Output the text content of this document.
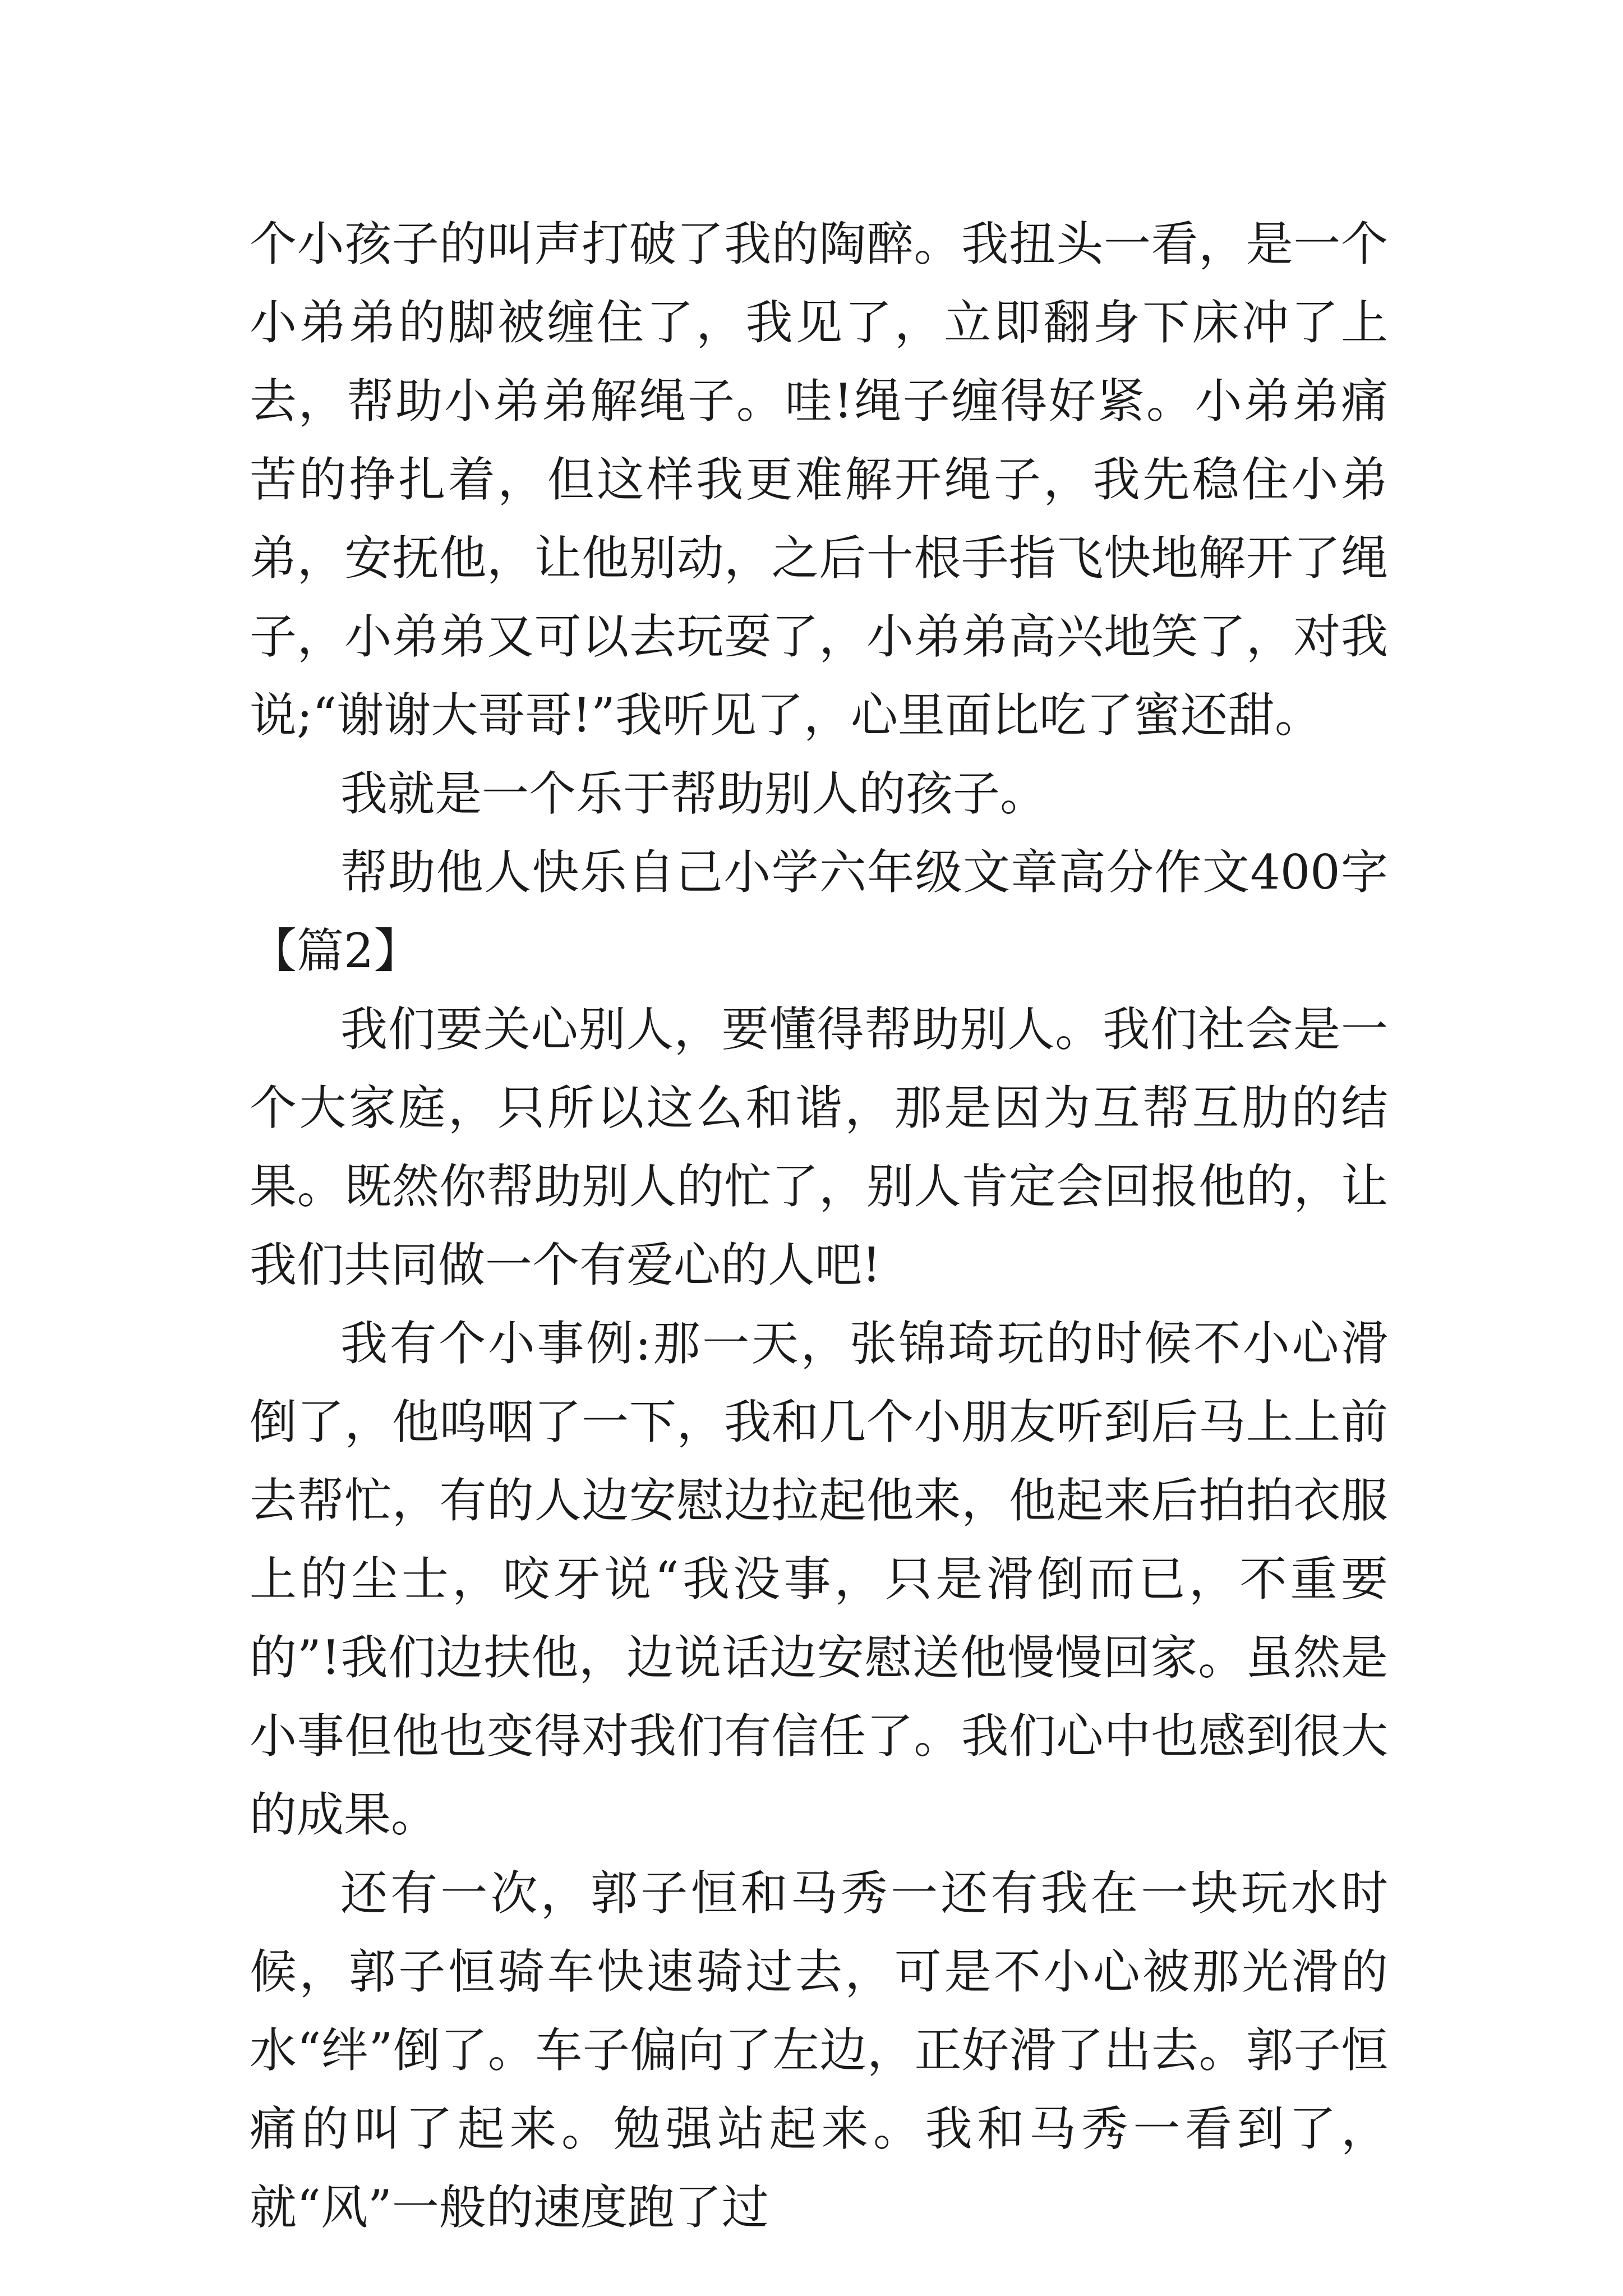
个小孩子的叫声打破了我的陶醉。我扭头一看，是一个小弟弟的脚被缠住了，我见了，立即翻身下床冲了上去，帮助小弟弟解绳子。哇!绳子缠得好紧。小弟弟痛苦的挣扎着，但这样我更难解开绳子，我先稳住小弟弟，安抚他，让他别动，之后十根手指飞快地解开了绳子，小弟弟又可以去玩耍了，小弟弟高兴地笑了，对我说;“谢谢大哥哥!”我听见了，心里面比吃了蜜还甜。

我就是一个乐于帮助别人的孩子。

帮助他人快乐自己小学六年级文章高分作文400字【篇2】

我们要关心别人，要懂得帮助别人。我们社会是一个大家庭，只所以这么和谐，那是因为互帮互肋的结果。既然你帮助别人的忙了，别人肯定会回报他的，让我们共同做一个有爱心的人吧!

我有个小事例:那一天，张锦琦玩的时候不小心滑倒了，他呜咽了一下，我和几个小朋友听到后马上上前去帮忙，有的人边安慰边拉起他来，他起来后拍拍衣服上的尘士，咬牙说“我没事，只是滑倒而已，不重要的”!我们边扶他，边说话边安慰送他慢慢回家。虽然是小事但他也变得对我们有信任了。我们心中也感到很大的成果。

还有一次，郭子恒和马秀一还有我在一块玩水时候，郭子恒骑车快速骑过去，可是不小心被那光滑的水“绊”倒了。车子偏向了左边，正好滑了出去。郭子恒痛的叫了起来。勉强站起来。我和马秀一看到了，就“风”一般的速度跑了过
